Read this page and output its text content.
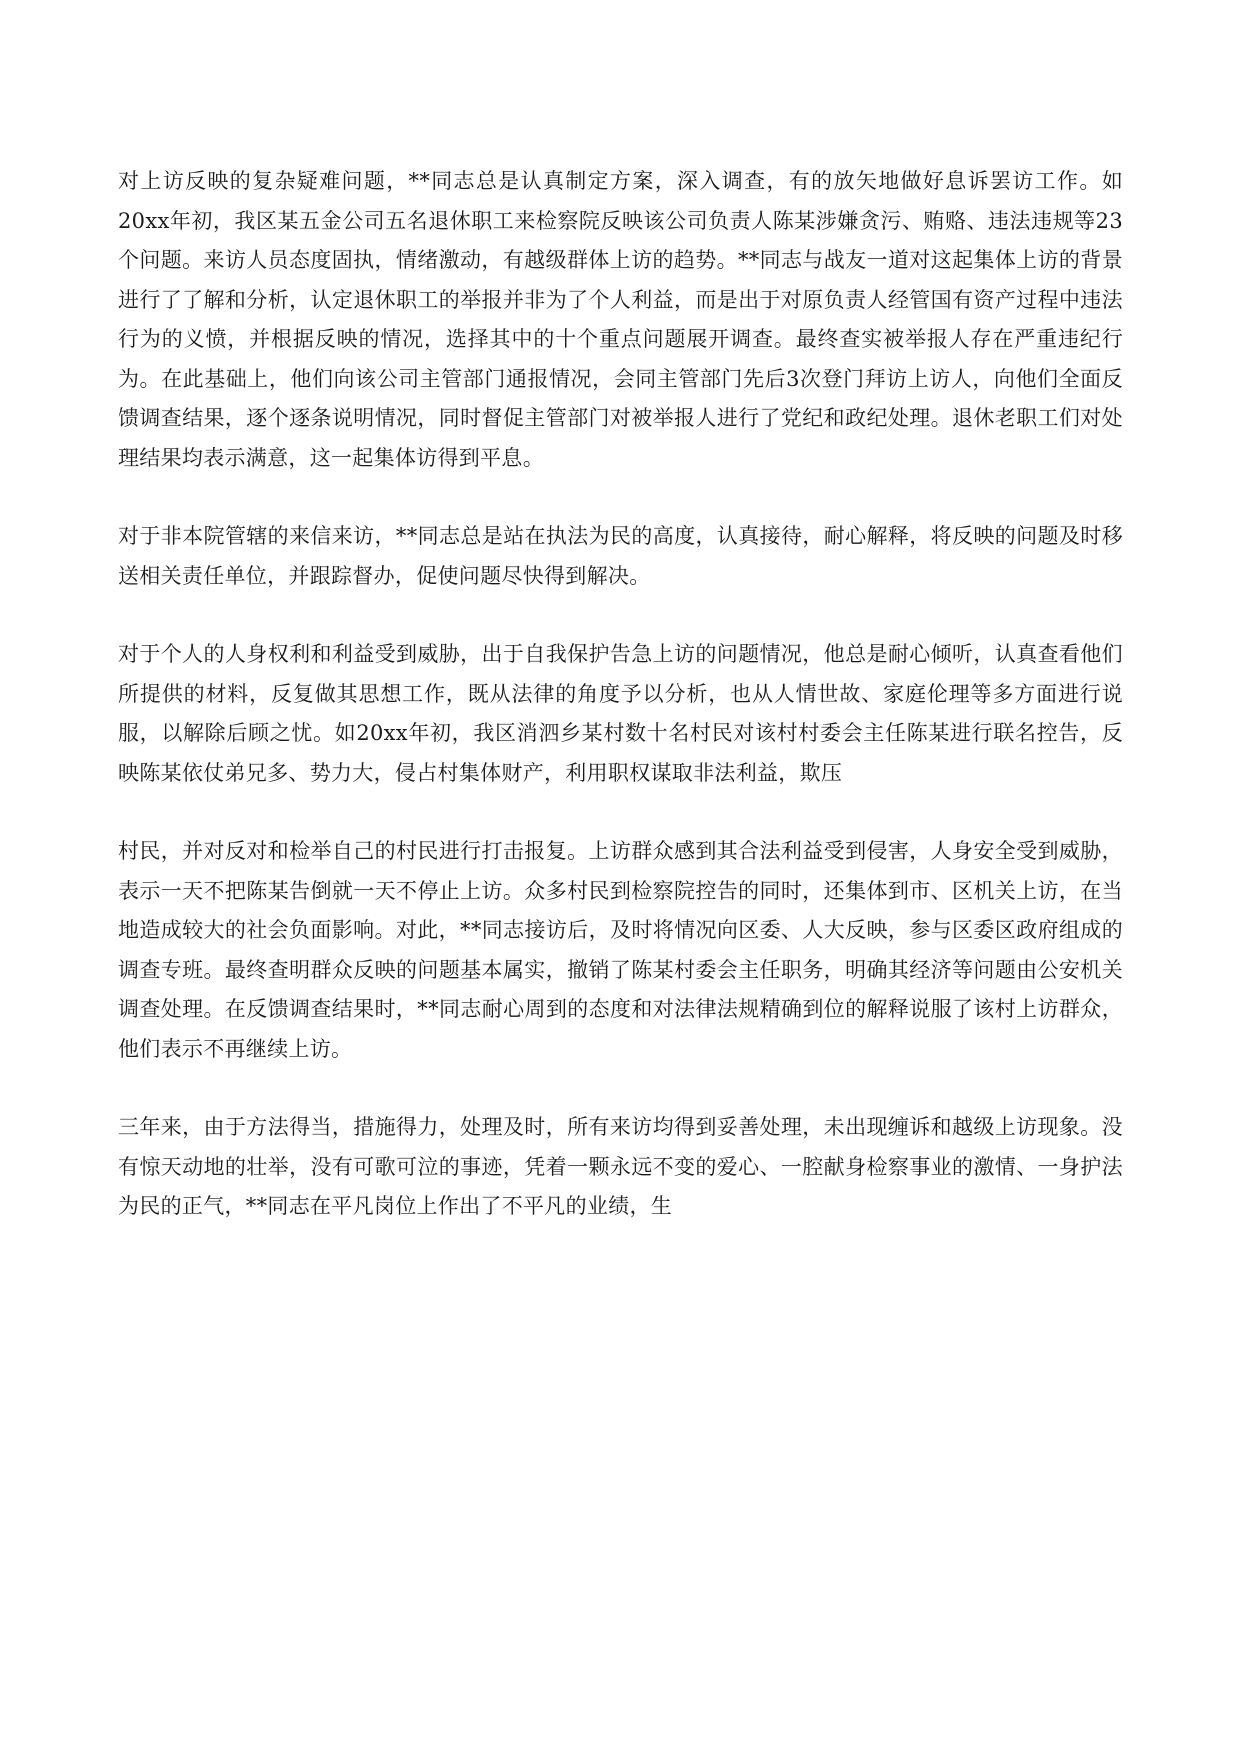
对上访反映的复杂疑难问题，**同志总是认真制定方案，深入调查，有的放矢地做好息诉罢访工作。如20xx年初，我区某五金公司五名退休职工来检察院反映该公司负责人陈某涉嫌贪污、贿赂、违法违规等23个问题。来访人员态度固执，情绪激动，有越级群体上访的趋势。**同志与战友一道对这起集体上访的背景进行了了解和分析，认定退休职工的举报并非为了个人利益，而是出于对原负责人经管国有资产过程中违法行为的义愤，并根据反映的情况，选择其中的十个重点问题展开调查。最终查实被举报人存在严重违纪行为。在此基础上，他们向该公司主管部门通报情况，会同主管部门先后3次登门拜访上访人，向他们全面反馈调查结果，逐个逐条说明情况，同时督促主管部门对被举报人进行了党纪和政纪处理。退休老职工们对处理结果均表示满意，这一起集体访得到平息。

对于非本院管辖的来信来访，**同志总是站在执法为民的高度，认真接待，耐心解释，将反映的问题及时移送相关责任单位，并跟踪督办，促使问题尽快得到解决。

对于个人的人身权利和利益受到威胁，出于自我保护告急上访的问题情况，他总是耐心倾听，认真查看他们所提供的材料，反复做其思想工作，既从法律的角度予以分析，也从人情世故、家庭伦理等多方面进行说服，以解除后顾之忧。如20xx年初，我区消泗乡某村数十名村民对该村村委会主任陈某进行联名控告，反映陈某依仗弟兄多、势力大，侵占村集体财产，利用职权谋取非法利益，欺压

村民，并对反对和检举自己的村民进行打击报复。上访群众感到其合法利益受到侵害，人身安全受到威胁，表示一天不把陈某告倒就一天不停止上访。众多村民到检察院控告的同时，还集体到市、区机关上访，在当地造成较大的社会负面影响。对此，**同志接访后，及时将情况向区委、人大反映，参与区委区政府组成的调查专班。最终查明群众反映的问题基本属实，撤销了陈某村委会主任职务，明确其经济等问题由公安机关调查处理。在反馈调查结果时，**同志耐心周到的态度和对法律法规精确到位的解释说服了该村上访群众，他们表示不再继续上访。

三年来，由于方法得当，措施得力，处理及时，所有来访均得到妥善处理，未出现缠诉和越级上访现象。没有惊天动地的壮举，没有可歌可泣的事迹，凭着一颗永远不变的爱心、一腔献身检察事业的激情、一身护法为民的正气，**同志在平凡岗位上作出了不平凡的业绩，生
